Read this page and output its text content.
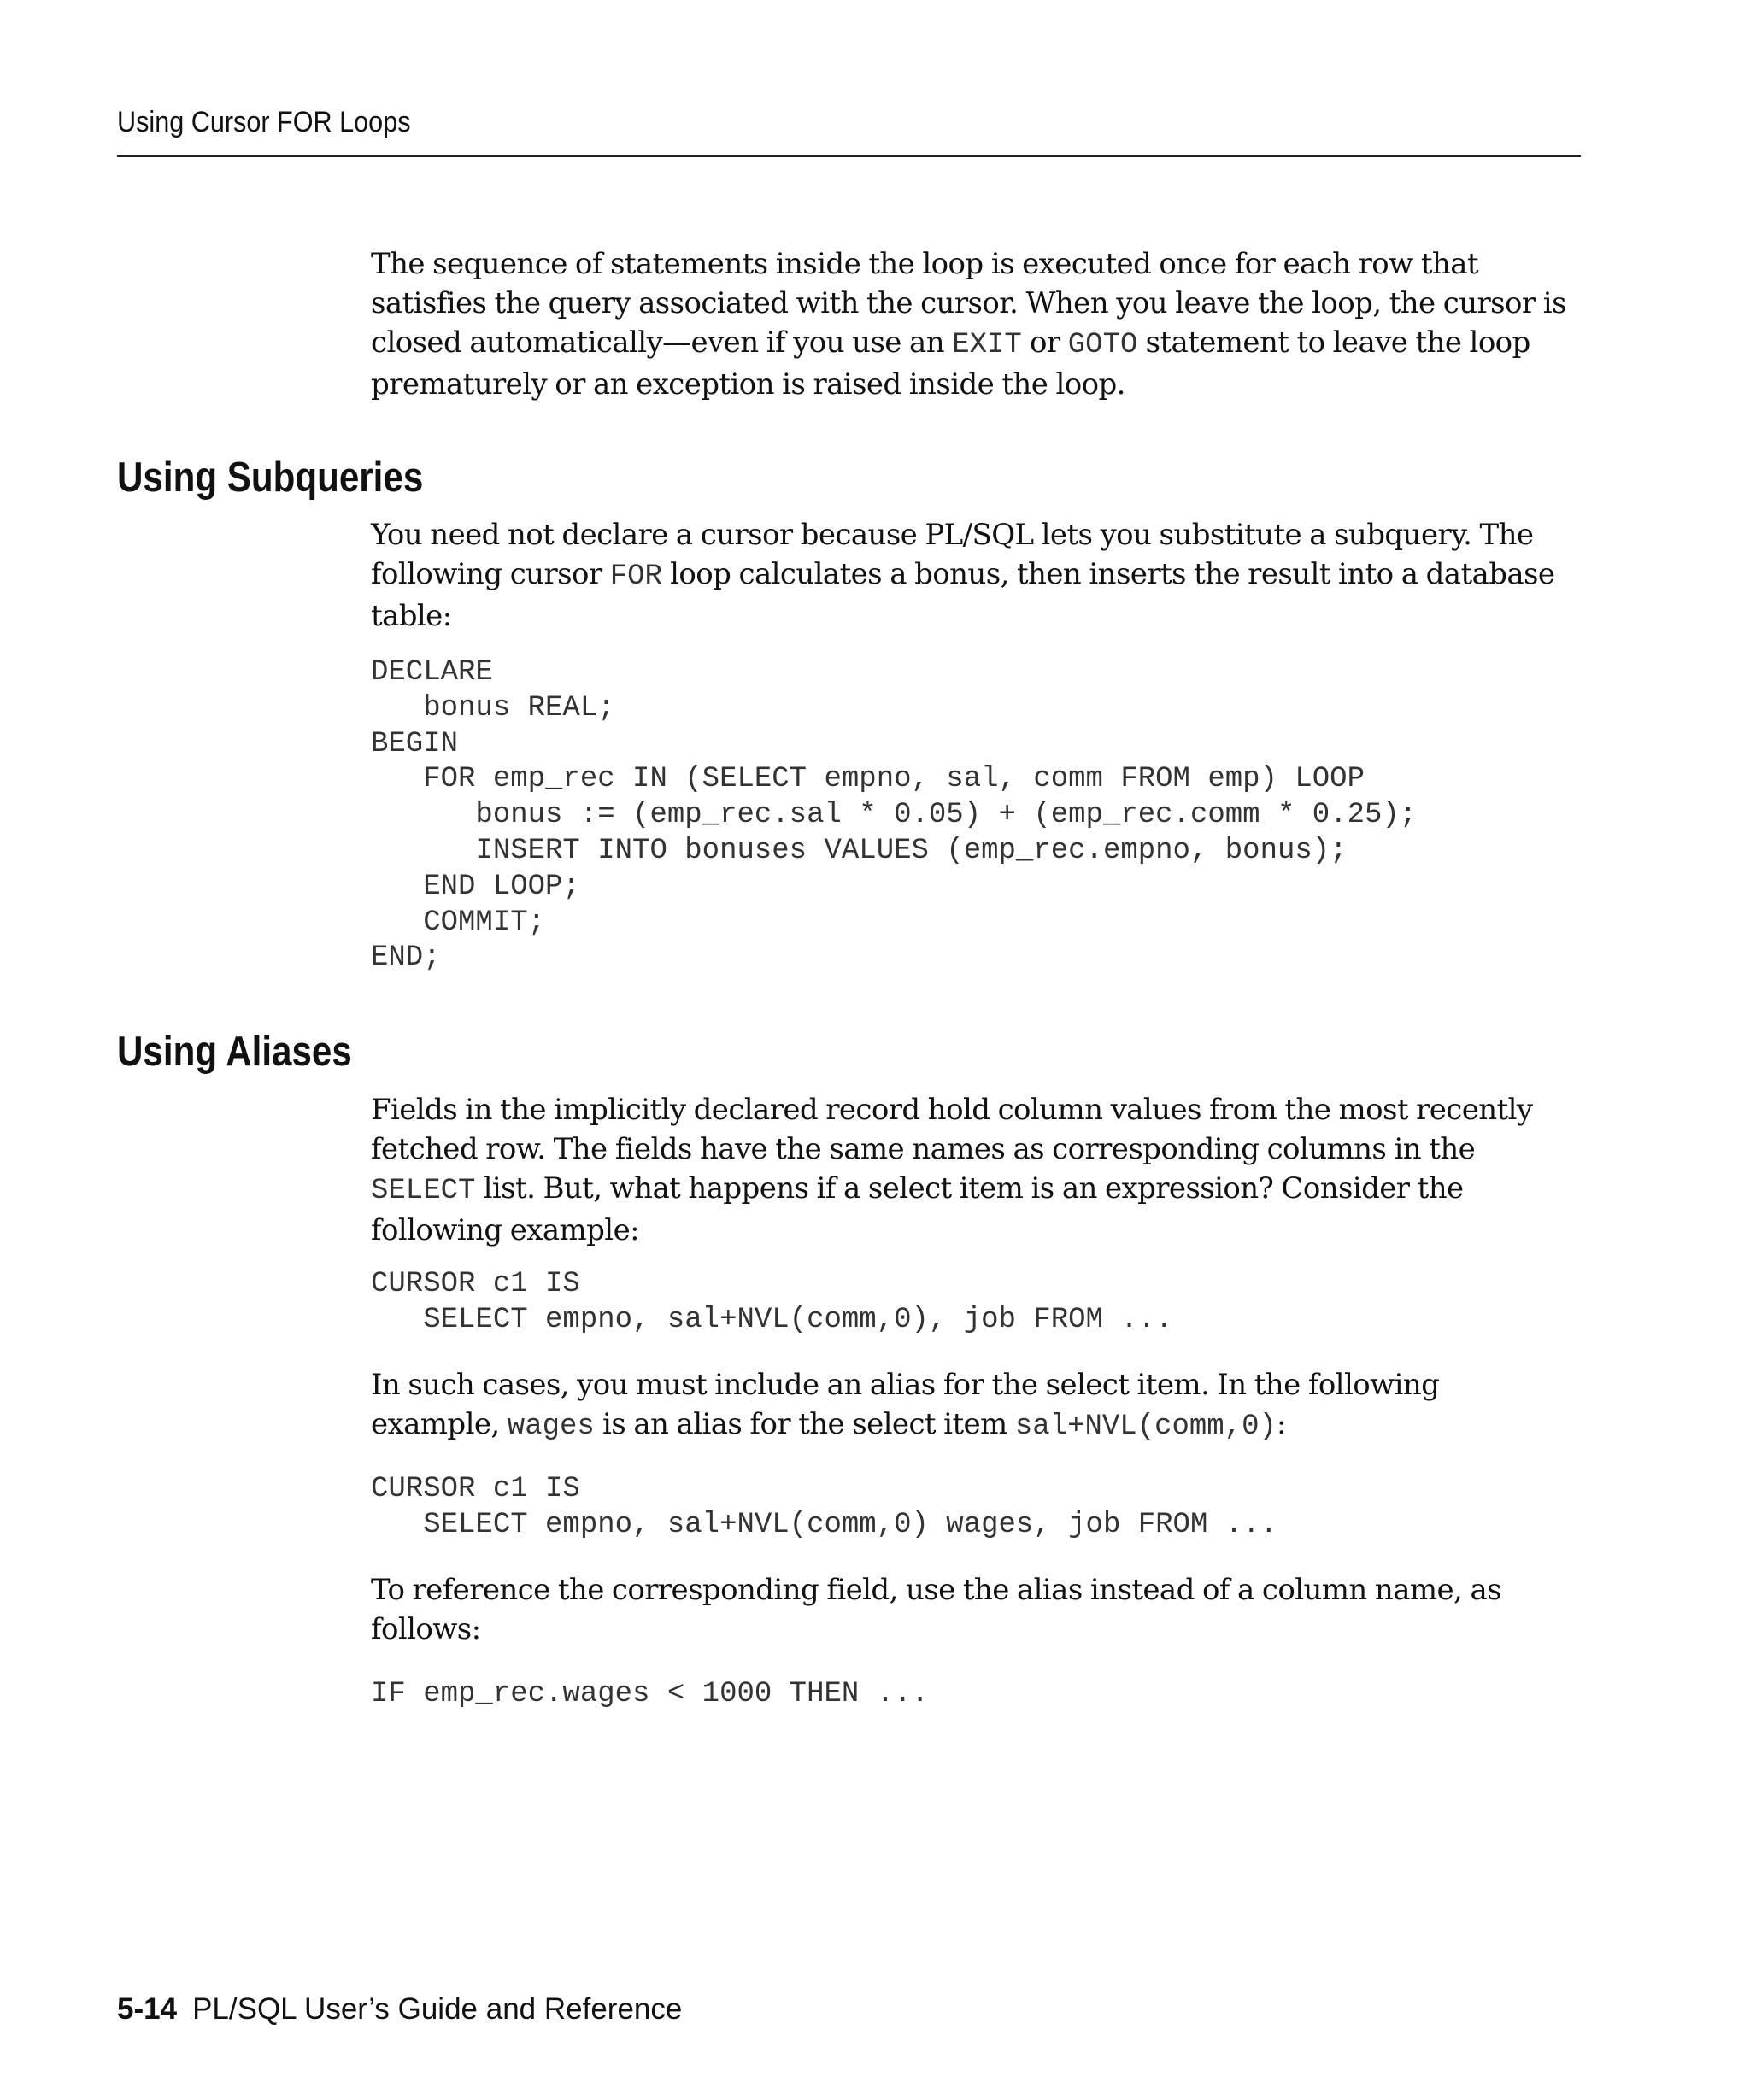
Using Cursor FOR Loops

The sequence of statements inside the loop is executed once for each row that
satisfies the query associated with the cursor. When you leave the loop, the cursor is
closed automatically—even if you use an EXIT or GOTO statement to leave the loop
prematurely or an exception is raised inside the loop.

Using Subqueries

You need not declare a cursor because PL/SQL lets you substitute a subquery. The
following cursor FOR loop calculates a bonus, then inserts the result into a database
table:

DECLARE
bonus REAL;
BEGIN
FOR emp_rec IN (SELECT empno, sal, comm FROM emp) LOOP
bonus := (emp_rec.sal * 0.05) + (emp_rec.comm * 0.25);
INSERT INTO bonuses VALUES (emp_rec.empno, bonus);
END LOOP;
COMMIT;
END;
Using Aliases

Fields in the implicitly declared record hold column values from the most recently
fetched row. The fields have the same names as corresponding columns in the
SELECT list. But, what happens if a select item is an expression? Consider the
following example:

CURSOR c1 IS
SELECT empno, sal+NVL(comm,0), job FROM ...

In such cases, you must include an alias for the select item. In the following
example, wages is an alias for the select item sal+NVL(comm,0):

CURSOR c1 IS
SELECT empno, sal+NVL(comm,0) wages, job FROM ...

To reference the corresponding field, use the alias instead of a column name, as
follows:

IF emp_rec.wages < 1000 THEN ...
5-14 PL/SQL User’s Guide and Reference
